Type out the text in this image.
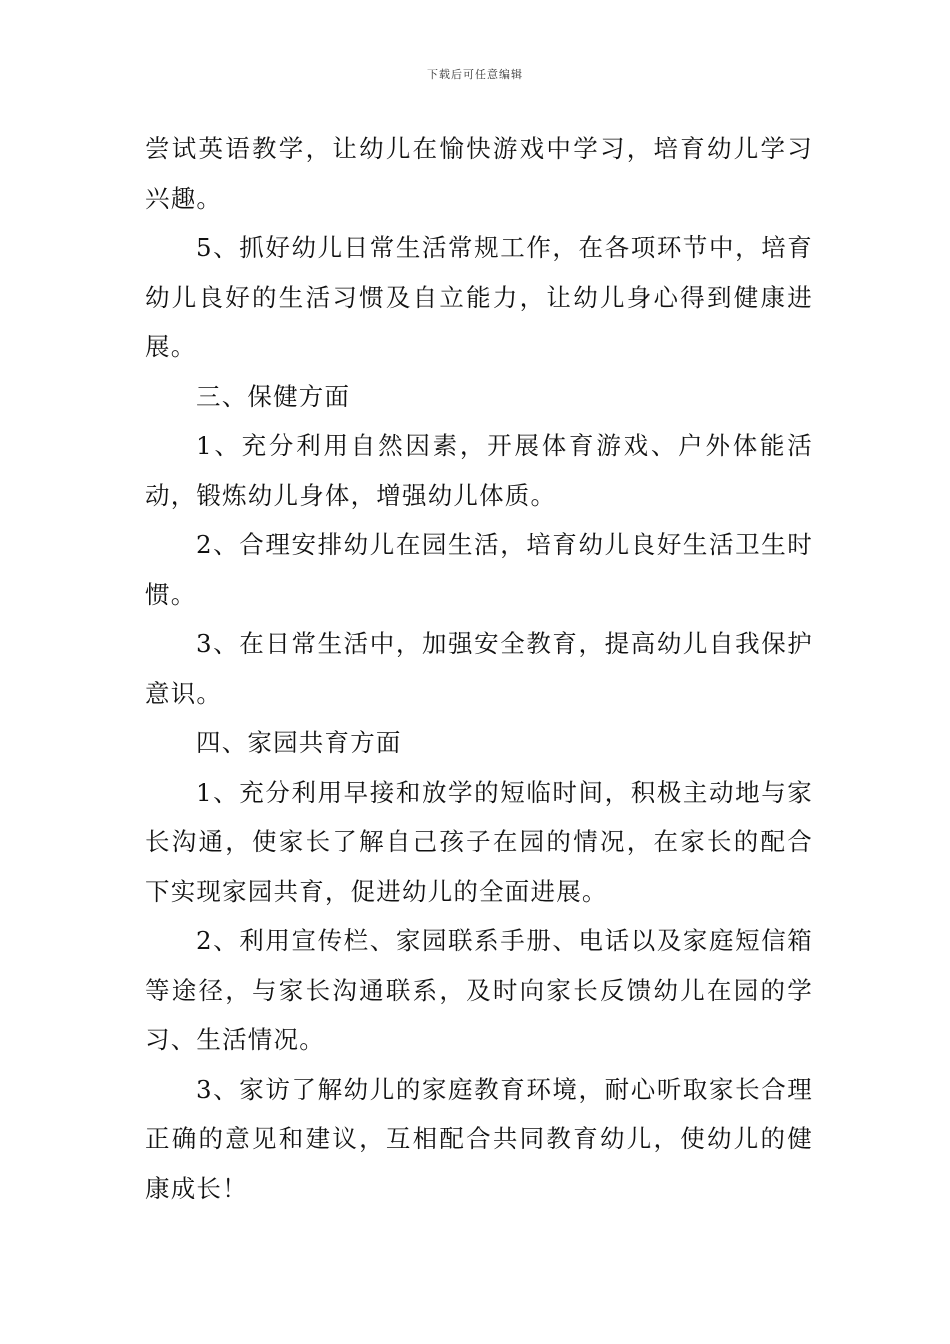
下载后可任意编辑

尝试英语教学，让幼儿在愉快游戏中学习，培育幼儿学习兴趣。

5、抓好幼儿日常生活常规工作，在各项环节中，培育幼儿良好的生活习惯及自立能力，让幼儿身心得到健康进展。

三、保健方面

1、充分利用自然因素，开展体育游戏、户外体能活动，锻炼幼儿身体，增强幼儿体质。

2、合理安排幼儿在园生活，培育幼儿良好生活卫生时惯。

3、在日常生活中，加强安全教育，提高幼儿自我保护意识。

四、家园共育方面

1、充分利用早接和放学的短临时间，积极主动地与家长沟通，使家长了解自己孩子在园的情况，在家长的配合下实现家园共育，促进幼儿的全面进展。

2、利用宣传栏、家园联系手册、电话以及家庭短信箱等途径，与家长沟通联系，及时向家长反馈幼儿在园的学习、生活情况。

3、家访了解幼儿的家庭教育环境，耐心听取家长合理正确的意见和建议，互相配合共同教育幼儿，使幼儿的健康成长！
